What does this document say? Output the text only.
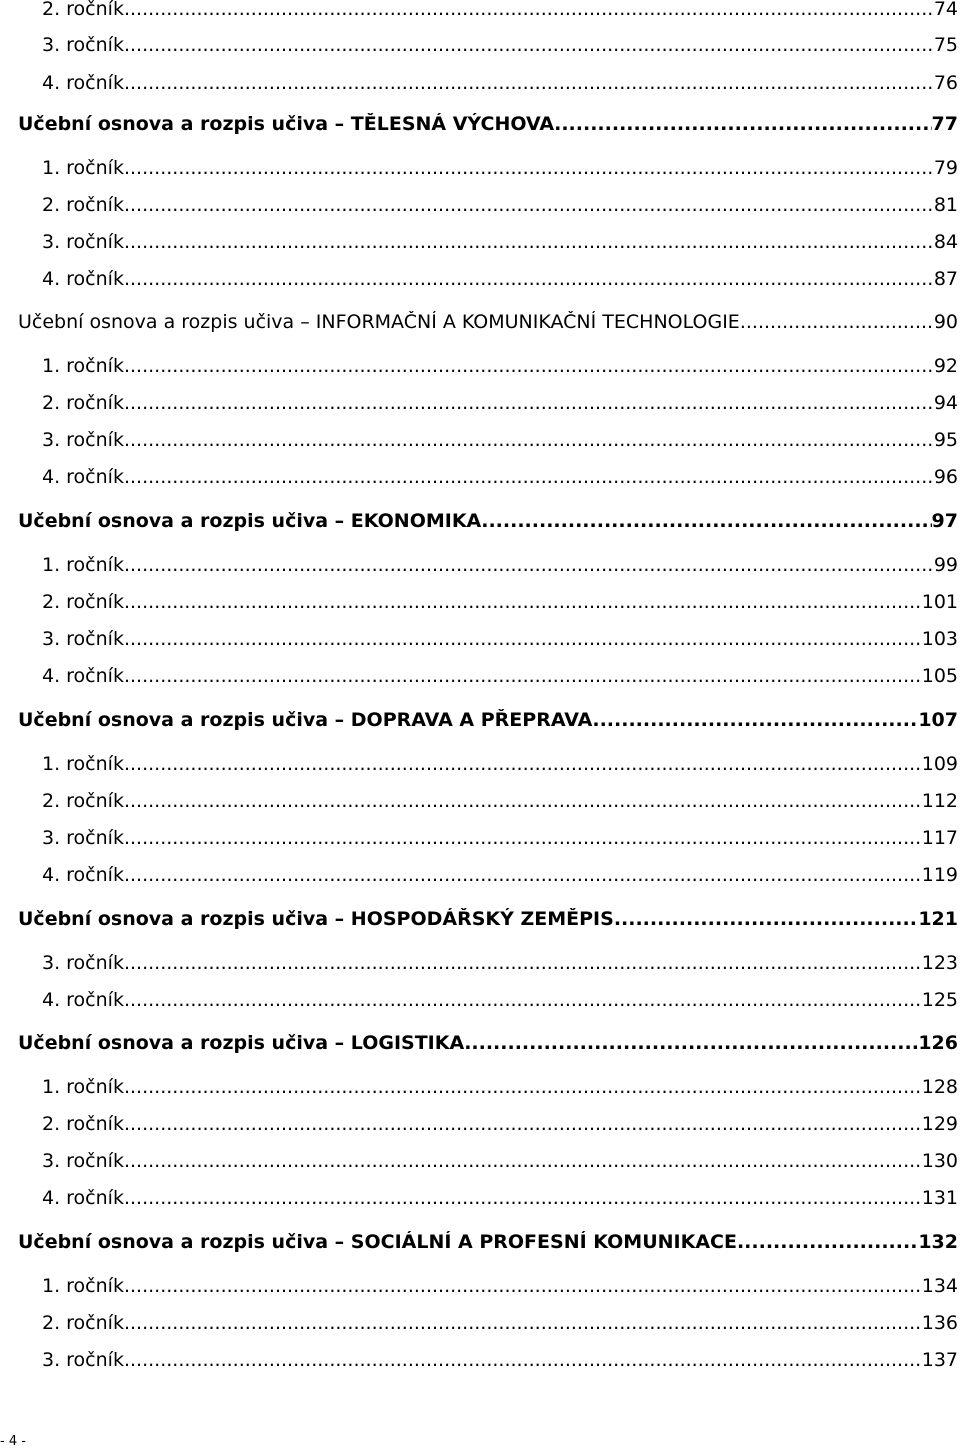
2. ročník .....	74
3. ročník .....	75
4. ročník .....	76
Učební osnova a rozpis učiva – TĚLESNÁ VÝCHOVA .....	77
1. ročník .....	79
2. ročník .....	81
3. ročník .....	84
4. ročník .....	87
Učební osnova a rozpis učiva – INFORMAČNÍ A KOMUNIKAČNÍ TECHNOLOGIE .....	90
1. ročník .....	92
2. ročník .....	94
3. ročník .....	95
4. ročník .....	96
Učební osnova a rozpis učiva – EKONOMIKA .....	97
1. ročník .....	99
2. ročník .....	101
3. ročník .....	103
4. ročník .....	105
Učební osnova a rozpis učiva – DOPRAVA A PŘEPRAVA .....	107
1. ročník .....	109
2. ročník .....	112
3. ročník .....	117
4. ročník .....	119
Učební osnova a rozpis učiva – HOSPODÁŘSKÝ ZEMĚPIS .....	121
3. ročník .....	123
4. ročník .....	125
Učební osnova a rozpis učiva – LOGISTIKA .....	126
1. ročník .....	128
2. ročník .....	129
3. ročník .....	130
4. ročník .....	131
Učební osnova a rozpis učiva – SOCIÁLNÍ A PROFESNÍ KOMUNIKACE .....	132
1. ročník .....	134
2. ročník .....	136
3. ročník .....	137
- 4 -
